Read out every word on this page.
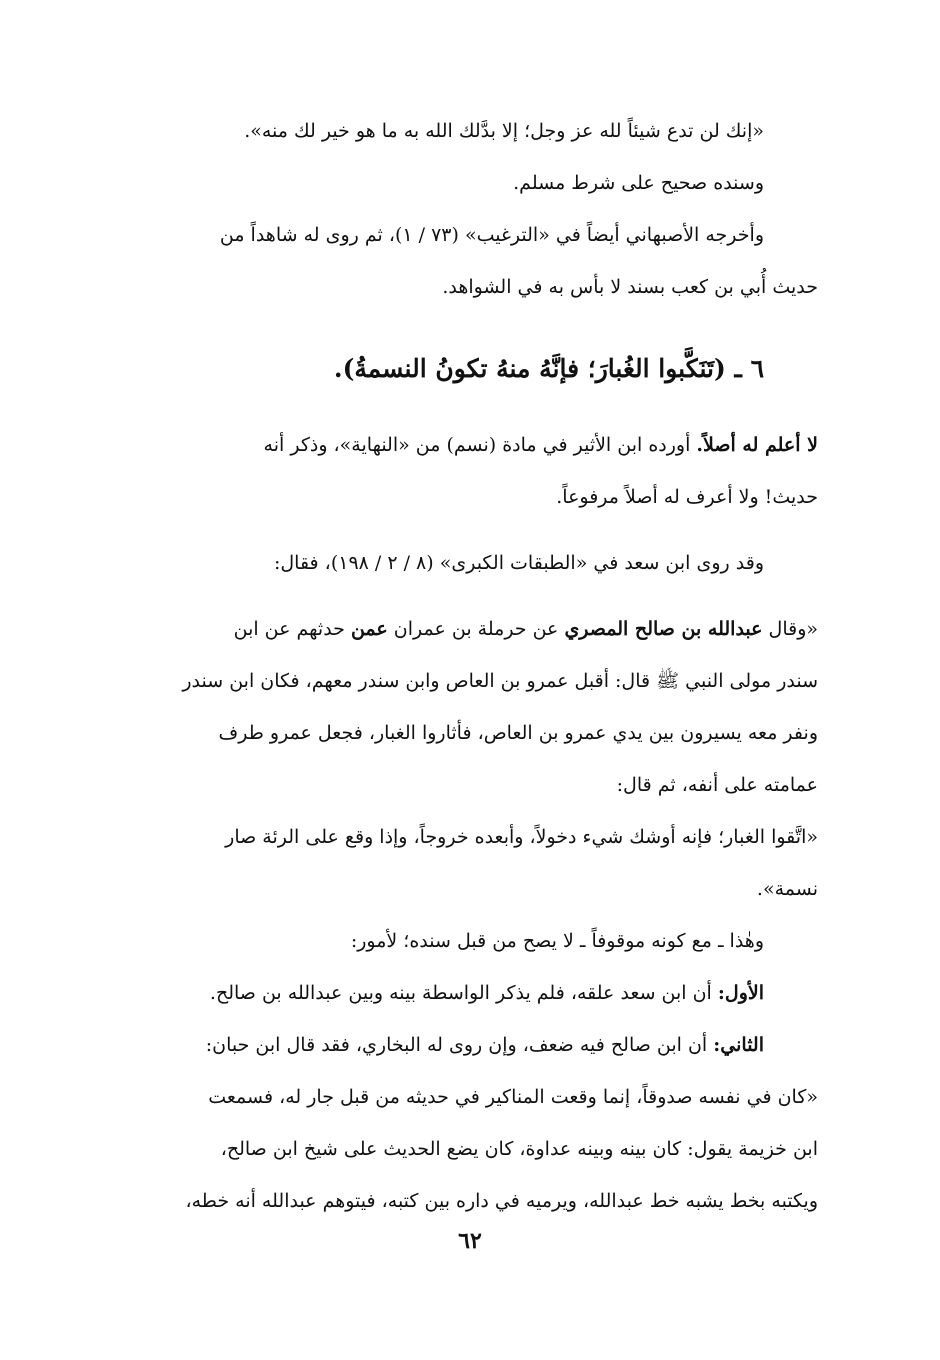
«إنك لن تدع شيئاً لله عز وجل؛ إلا بدَّلك الله به ما هو خير لك منه».
وسنده صحيح على شرط مسلم.
وأخرجه الأصبهاني أيضاً في «الترغيب» (٧٣ / ١)، ثم روى له شاهداً من
حديث أُبي بن كعب بسند لا بأس به في الشواهد.
٦ ـ (تَنَكَّبوا الغُبارَ؛ فإنَّهُ منهُ تكونُ النسمةُ).
لا أعلم له أصلاً. أورده ابن الأثير في مادة (نسم) من «النهاية»، وذكر أنه
حديث! ولا أعرف له أصلاً مرفوعاً.
وقد روى ابن سعد في «الطبقات الكبرى» (٨ / ٢ / ١٩٨)، فقال:
«وقال عبدالله بن صالح المصري عن حرملة بن عمران عمن حدثهم عن ابن
سندر مولى النبي ﷺ قال: أقبل عمرو بن العاص وابن سندر معهم، فكان ابن سندر
ونفر معه يسيرون بين يدي عمرو بن العاص، فأثاروا الغبار، فجعل عمرو طرف
عمامته على أنفه، ثم قال:
«اتَّقوا الغبار؛ فإنه أوشك شيء دخولاً، وأبعده خروجاً، وإذا وقع على الرئة صار
نسمة».
وهٰذا ـ مع كونه موقوفاً ـ لا يصح من قبل سنده؛ لأمور:
الأول: أن ابن سعد علقه، فلم يذكر الواسطة بينه وبين عبدالله بن صالح.
الثاني: أن ابن صالح فيه ضعف، وإن روى له البخاري، فقد قال ابن حبان:
«كان في نفسه صدوقاً، إنما وقعت المناكير في حديثه من قبل جار له، فسمعت
ابن خزيمة يقول: كان بينه وبينه عداوة، كان يضع الحديث على شيخ ابن صالح،
ويكتبه بخط يشبه خط عبدالله، ويرميه في داره بين كتبه، فيتوهم عبدالله أنه خطه،
٦٢
